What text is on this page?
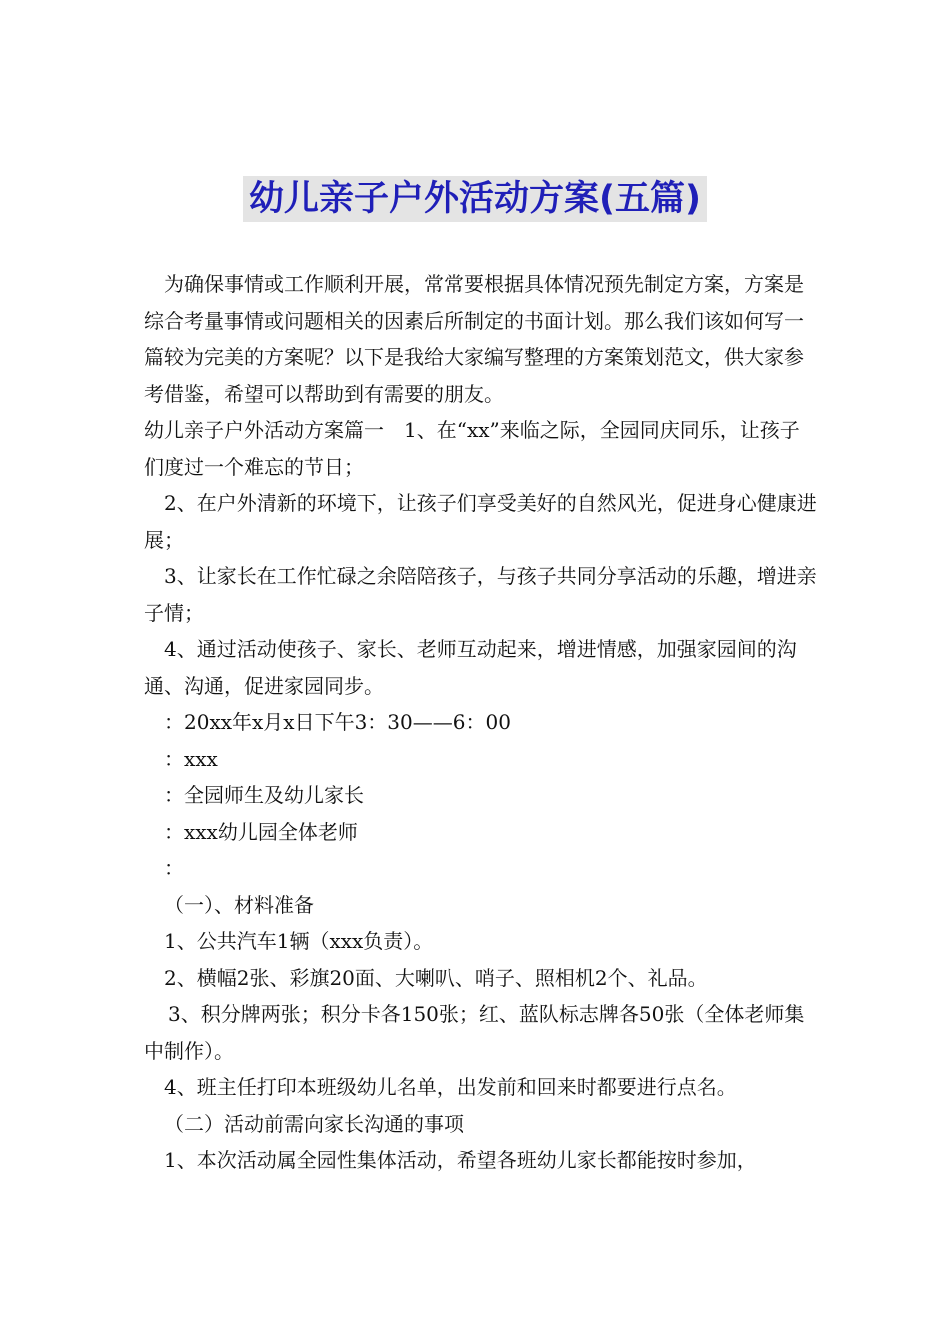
幼儿亲子户外活动方案(五篇)

为确保事情或工作顺利开展，常常要根据具体情况预先制定方案，方案是综合考量事情或问题相关的因素后所制定的书面计划。那么我们该如何写一篇较为完美的方案呢？以下是我给大家编写整理的方案策划范文，供大家参考借鉴，希望可以帮助到有需要的朋友。

幼儿亲子户外活动方案篇一　1、在“xx”来临之际，全园同庆同乐，让孩子们度过一个难忘的节日；

2、在户外清新的环境下，让孩子们享受美好的自然风光，促进身心健康进展；

3、让家长在工作忙碌之余陪陪孩子，与孩子共同分享活动的乐趣，增进亲子情；

4、通过活动使孩子、家长、老师互动起来，增进情感，加强家园间的沟通、沟通，促进家园同步。

：20xx年x月x日下午3：30——6：00

：xxx

：全园师生及幼儿家长

：xxx幼儿园全体老师

：

（一）、材料准备

1、公共汽车1辆（xxx负责）。

2、横幅2张、彩旗20面、大喇叭、哨子、照相机2个、礼品。

3、积分牌两张；积分卡各150张；红、蓝队标志牌各50张（全体老师集中制作）。

4、班主任打印本班级幼儿名单，出发前和回来时都要进行点名。

（二）活动前需向家长沟通的事项

1、本次活动属全园性集体活动，希望各班幼儿家长都能按时参加，
